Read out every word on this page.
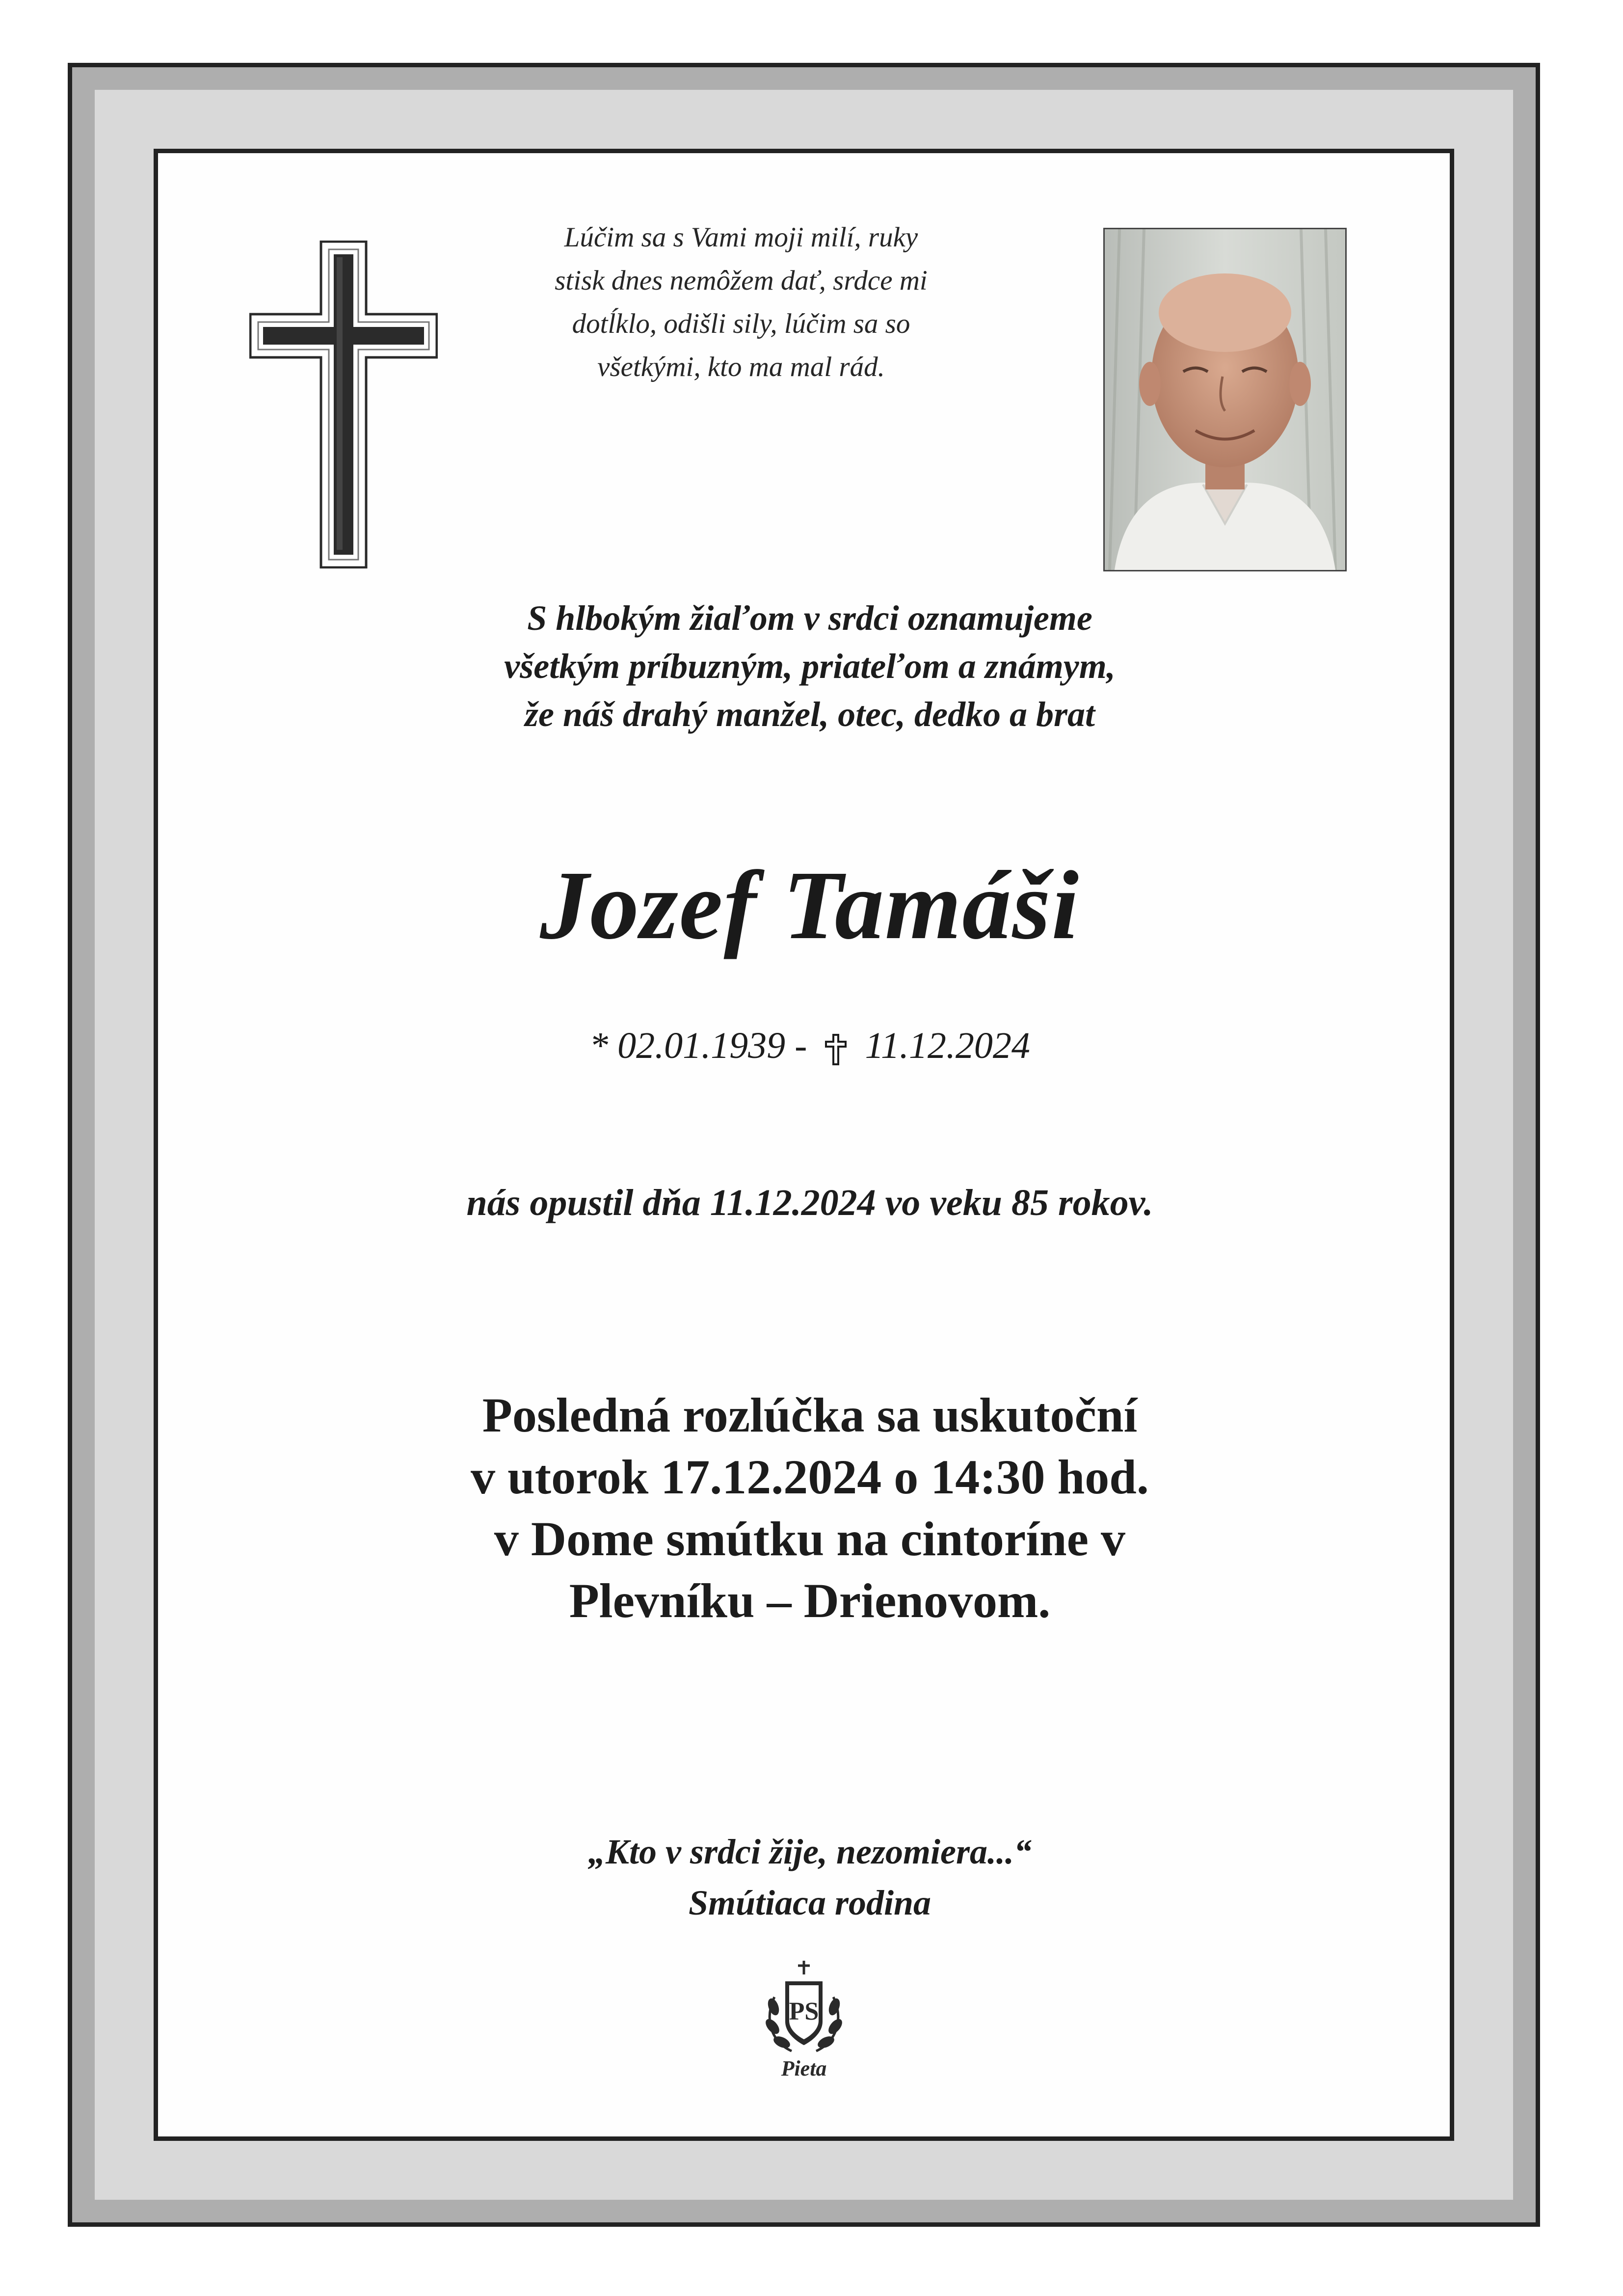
Lúčim sa s Vami moji milí, ruky
stisk dnes nemôžem dať, srdce mi
dotĺklo, odišli sily, lúčim sa so
všetkými, kto ma mal rád.
S hlbokým žiaľom v srdci oznamujeme
všetkým príbuzným, priateľom a známym,
že náš drahý manžel, otec, dedko a brat
Jozef Tamáši
* 02.01.1939 - 11.12.2024
nás opustil dňa 11.12.2024 vo veku 85 rokov.
Posledná rozlúčka sa uskutoční
v utorok 17.12.2024 o 14:30 hod.
v Dome smútku na cintoríne v
Plevníku – Drienovom.
„Kto v srdci žije, nezomiera...“
Smútiaca rodina
PS
Pieta
